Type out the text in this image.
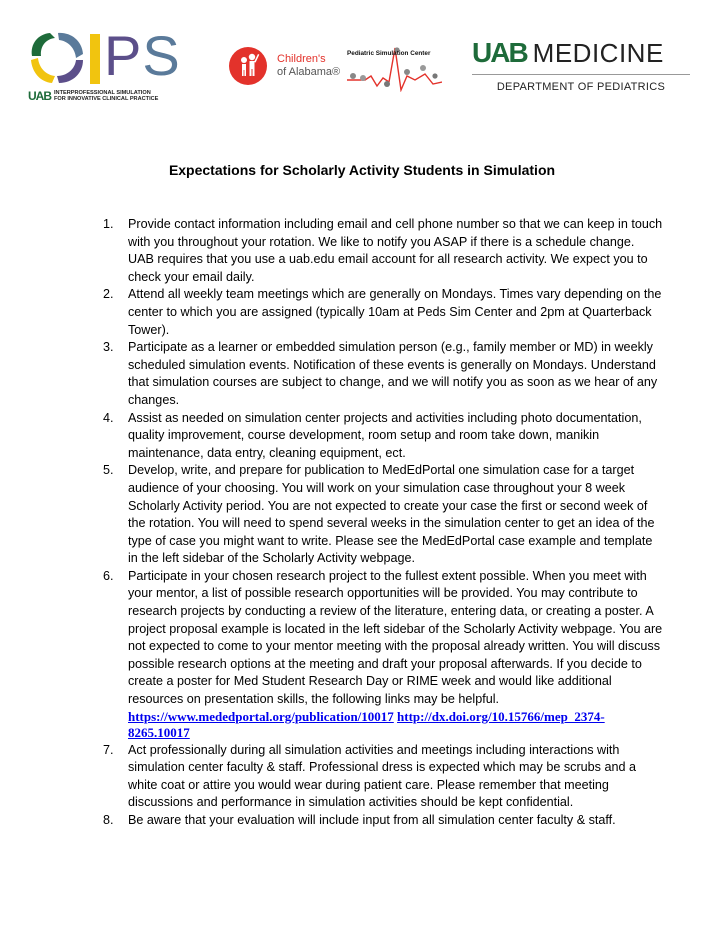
PS
UAB INTERPROFESSIONAL SIMULATION
FOR INNOVATIVE CLINICAL PRACTICE
Children's
of Alabama®
Pediatric Simulation Center UAB MEDICINE
DEPARTMENT OF PEDIATRICS
Expectations for Scholarly Activity Students in Simulation
1. Provide contact information including email and cell phone number so that we can keep in touch with you throughout your rotation. We like to notify you ASAP if there is a schedule change. UAB requires that you use a uab.edu email account for all research activity. We expect you to check your email daily.
2. Attend all weekly team meetings which are generally on Mondays. Times vary depending on the center to which you are assigned (typically 10am at Peds Sim Center and 2pm at Quarterback Tower).
3. Participate as a learner or embedded simulation person (e.g., family member or MD) in weekly scheduled simulation events. Notification of these events is generally on Mondays. Understand that simulation courses are subject to change, and we will notify you as soon as we hear of any changes.
4. Assist as needed on simulation center projects and activities including photo documentation, quality improvement, course development, room setup and room take down, manikin maintenance, data entry, cleaning equipment, ect.
5. Develop, write, and prepare for publication to MedEdPortal one simulation case for a target audience of your choosing. You will work on your simulation case throughout your 8 week Scholarly Activity period. You are not expected to create your case the first or second week of the rotation. You will need to spend several weeks in the simulation center to get an idea of the type of case you might want to write. Please see the MedEdPortal case example and template in the left sidebar of the Scholarly Activity webpage.
6. Participate in your chosen research project to the fullest extent possible. When you meet with your mentor, a list of possible research opportunities will be provided. You may contribute to research projects by conducting a review of the literature, entering data, or creating a poster. A project proposal example is located in the left sidebar of the Scholarly Activity webpage. You are not expected to come to your mentor meeting with the proposal already written. You will discuss possible research options at the meeting and draft your proposal afterwards. If you decide to create a poster for Med Student Research Day or RIME week and would like additional resources on presentation skills, the following links may be helpful.
https://www.mededportal.org/publication/10017 http://dx.doi.org/10.15766/mep_2374-8265.10017
7. Act professionally during all simulation activities and meetings including interactions with simulation center faculty & staff. Professional dress is expected which may be scrubs and a white coat or attire you would wear during patient care. Please remember that meeting discussions and performance in simulation activities should be kept confidential.
8. Be aware that your evaluation will include input from all simulation center faculty & staff.
